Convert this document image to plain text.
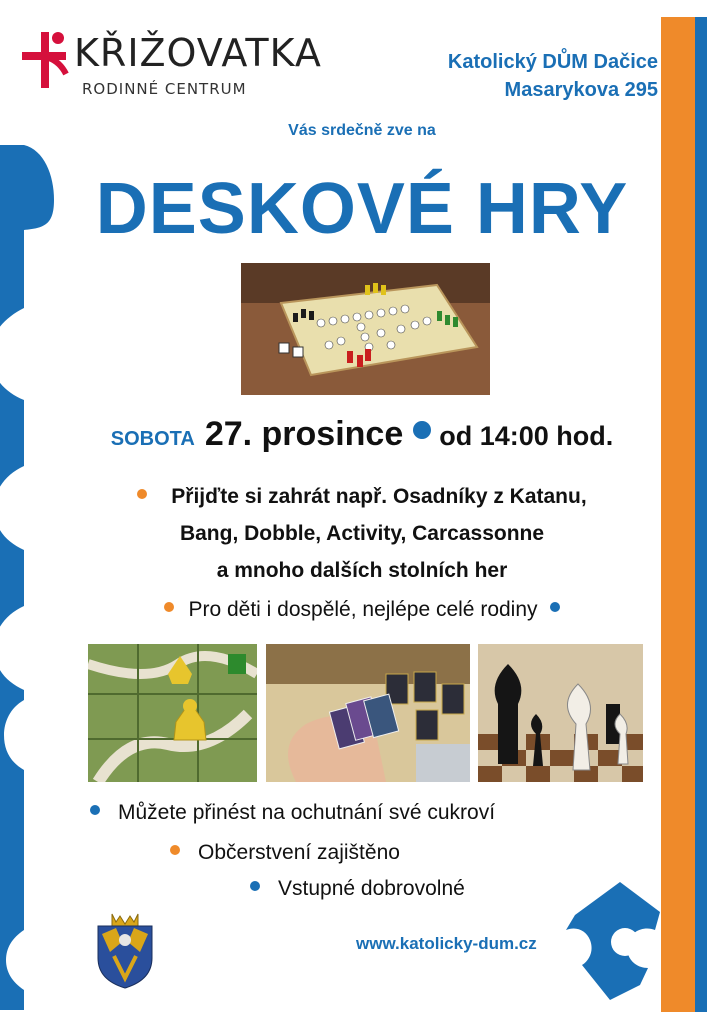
KŘIŽOVATKA
RODINNÉ CENTRUM
Katolický DŮM Dačice
Masarykova 295
Vás srdečně zve na
DESKOVÉ HRY
SOBOTA 27. prosince od 14:00 hod.
Přijďte si zahrát např. Osadníky z Katanu,
Bang, Dobble, Activity, Carcassonne
a mnoho dalších stolních her
Pro děti i dospělé, nejlépe celé rodiny
Můžete přinést na ochutnání své cukroví
Občerstvení zajištěno
Vstupné dobrovolné
www.katolicky-dum.cz
